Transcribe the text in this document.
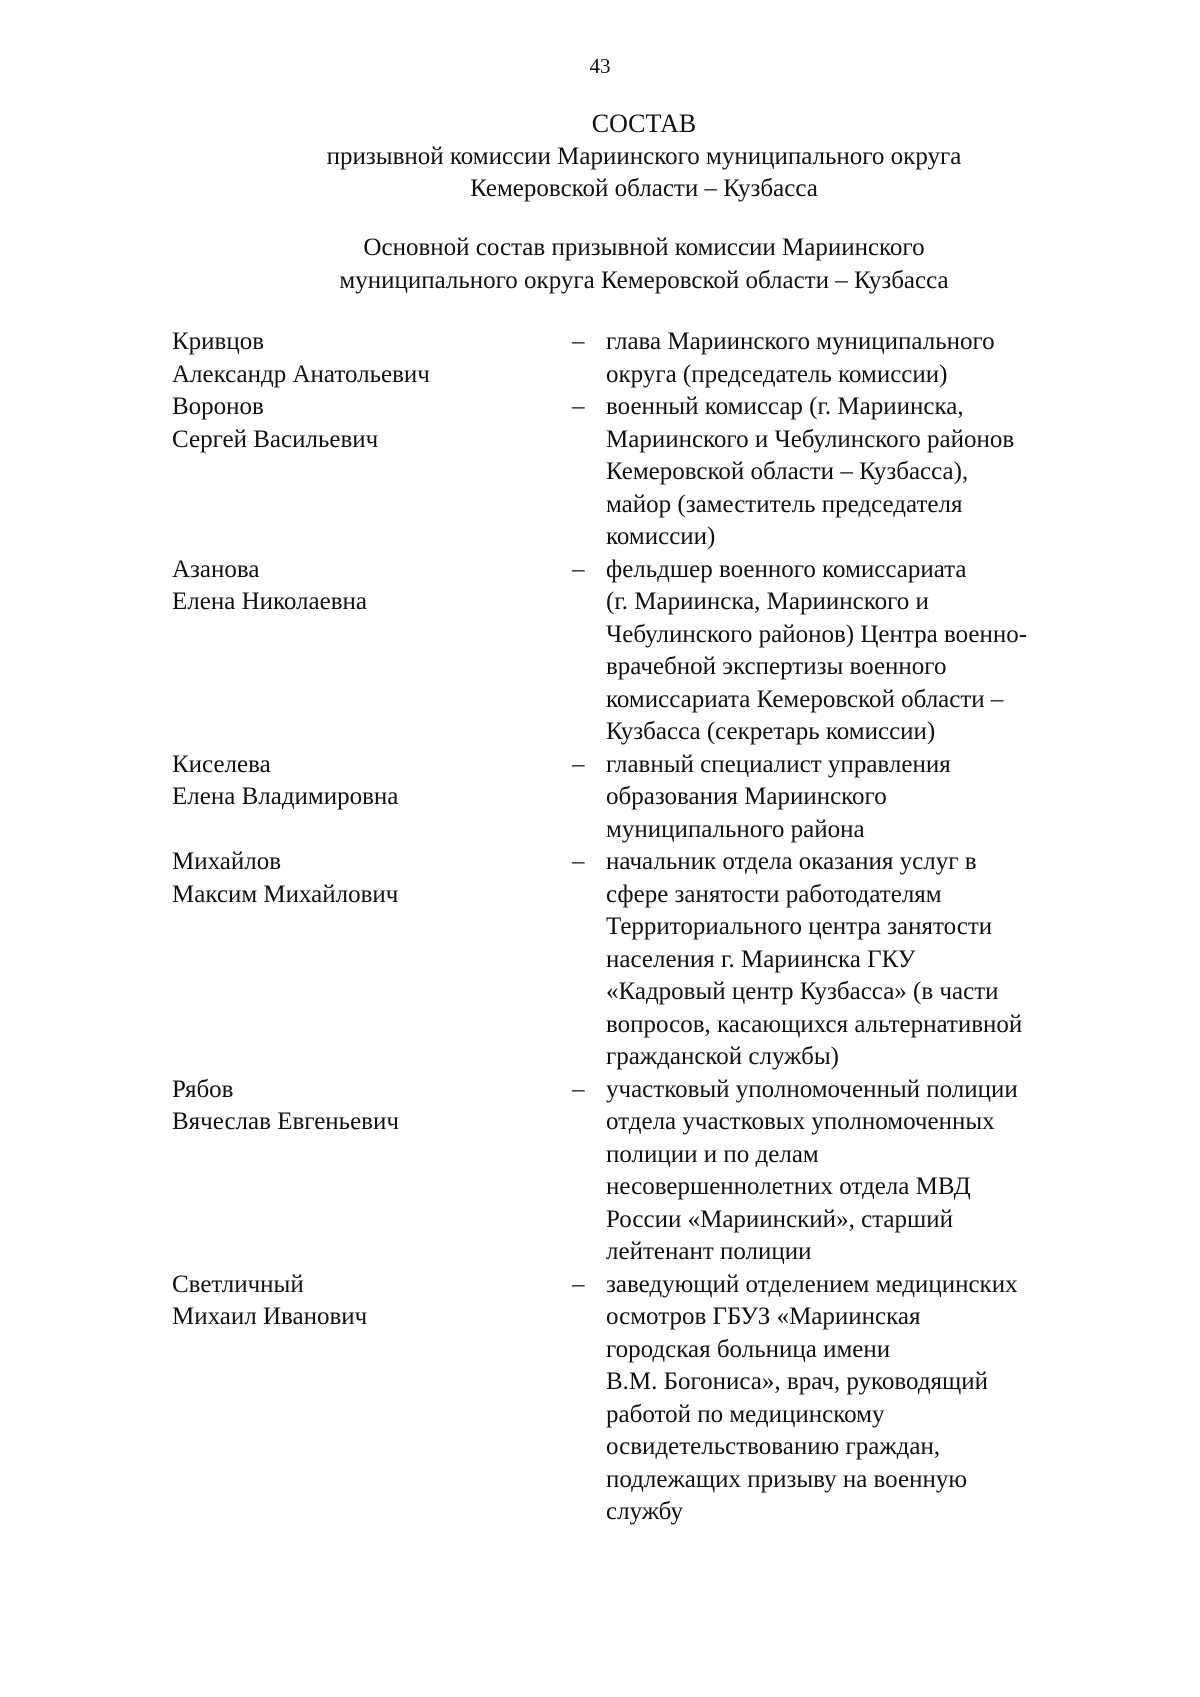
43
СОСТАВ
призывной комиссии Мариинского муниципального округа
Кемеровской области – Кузбасса
Основной состав призывной комиссии Мариинского
муниципального округа Кемеровской области – Кузбасса
Кривцов
Александр Анатольевич
– глава Мариинского муниципального
округа (председатель комиссии)
Воронов
Сергей Васильевич
– военный комиссар (г. Мариинска,
Мариинского и Чебулинского районов
Кемеровской области – Кузбасса),
майор (заместитель председателя
комиссии)
Азанова
Елена Николаевна
– фельдшер военного комиссариата
(г. Мариинска, Мариинского и
Чебулинского районов) Центра военно-
врачебной экспертизы военного
комиссариата Кемеровской области –
Кузбасса (секретарь комиссии)
Киселева
Елена Владимировна
– главный специалист управления
образования Мариинского
муниципального района
Михайлов
Максим Михайлович
– начальник отдела оказания услуг в
сфере занятости работодателям
Территориального центра занятости
населения г. Мариинска ГКУ
«Кадровый центр Кузбасса» (в части
вопросов, касающихся альтернативной
гражданской службы)
Рябов
Вячеслав Евгеньевич
– участковый уполномоченный полиции
отдела участковых уполномоченных
полиции и по делам
несовершеннолетних отдела МВД
России «Мариинский», старший
лейтенант полиции
Светличный
Михаил Иванович
– заведующий отделением медицинских
осмотров ГБУЗ «Мариинская
городская больница имени
В.М. Богониса», врач, руководящий
работой по медицинскому
освидетельствованию граждан,
подлежащих призыву на военную
службу
